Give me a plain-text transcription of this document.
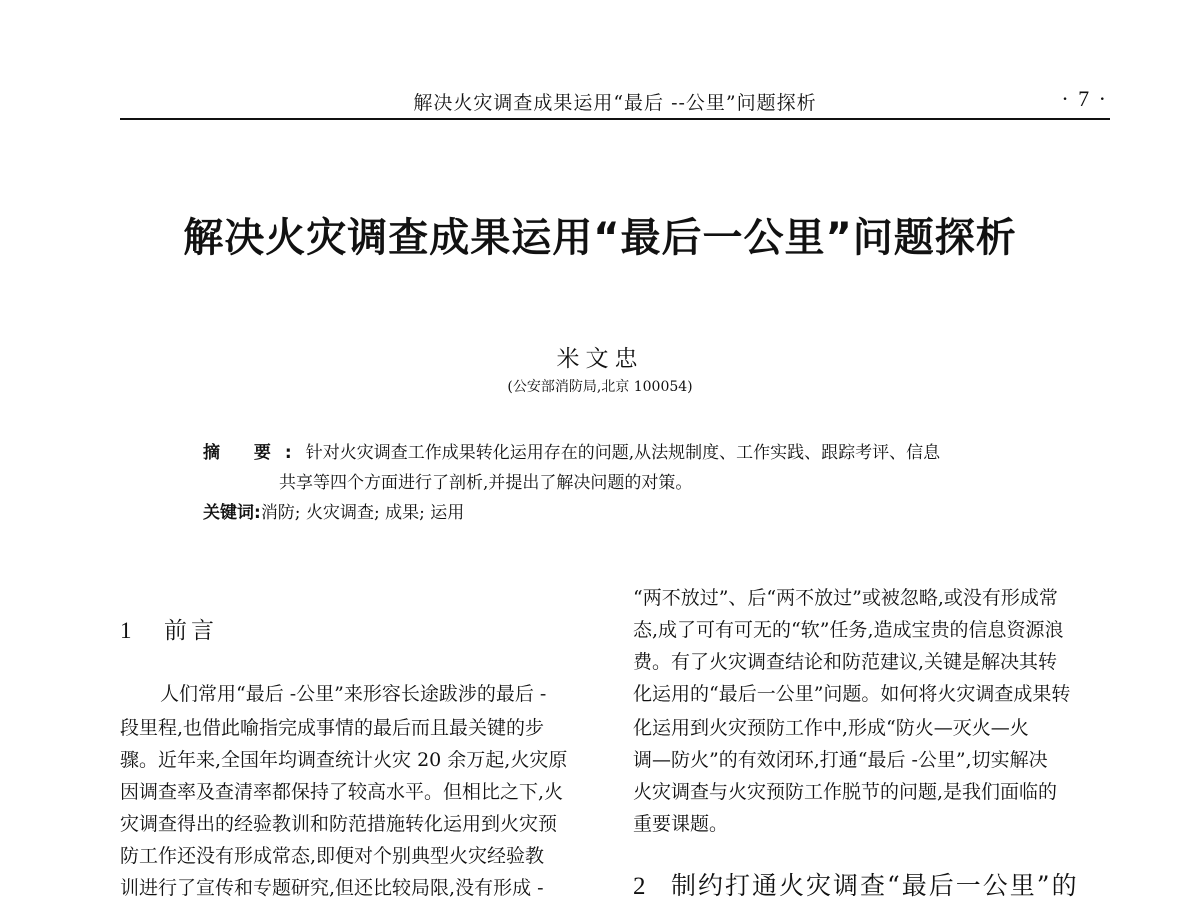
解决火灾调查成果运用“最后 --公里”问题探析	· 7 ·
解决火灾调查成果运用“最后一公里”问题探析
米文忠
(公安部消防局,北京 100054)
摘 要:针对火灾调查工作成果转化运用存在的问题,从法规制度、工作实践、跟踪考评、信息
共享等四个方面进行了剖析,并提出了解决问题的对策。
关键词:消防; 火灾调查; 成果; 运用
1 前言
人们常用“最后 -公里”来形容长途跋涉的最后 -
段里程,也借此喻指完成事情的最后而且最关键的步
骤。近年来,全国年均调查统计火灾 20 余万起,火灾原
因调查率及查清率都保持了较高水平。但相比之下,火
灾调查得出的经验教训和防范措施转化运用到火灾预
防工作还没有形成常态,即便对个别典型火灾经验教
训进行了宣传和专题研究,但还比较局限,没有形成 -
“两不放过”、后“两不放过”或被忽略,或没有形成常
态,成了可有可无的“软”任务,造成宝贵的信息资源浪
费。有了火灾调查结论和防范建议,关键是解决其转
化运用的“最后一公里”问题。如何将火灾调查成果转
化运用到火灾预防工作中,形成“防火—灭火—火
调—防火”的有效闭环,打通“最后 -公里”,切实解决
火灾调查与火灾预防工作脱节的问题,是我们面临的
重要课题。
2 制约打通火灾调查“最后一公里”的
